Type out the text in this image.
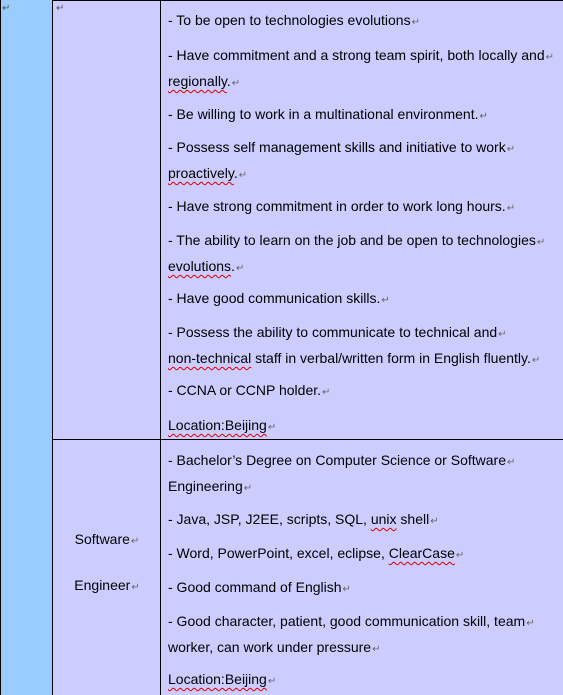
↵	↵
- To be open to technologies evolutions↵
- Have commitment and a strong team spirit, both locally and↵
regionally.↵
- Be willing to work in a multinational environment.↵
- Possess self management skills and initiative to work↵
proactively.↵
- Have strong commitment in order to work long hours.↵
- The ability to learn on the job and be open to technologies↵
evolutions.↵
- Have good communication skills.↵
- Possess the ability to communicate to technical and↵
non-technical staff in verbal/written form in English fluently.↵
- CCNA or CCNP holder.↵
Location:Beijing↵
Software↵
Engineer↵
- Bachelor’s Degree on Computer Science or Software↵
Engineering↵
- Java, JSP, J2EE, scripts, SQL, unix shell↵
- Word, PowerPoint, excel, eclipse, ClearCase↵
- Good command of English↵
- Good character, patient, good communication skill, team↵
worker, can work under pressure↵
Location:Beijing↵
